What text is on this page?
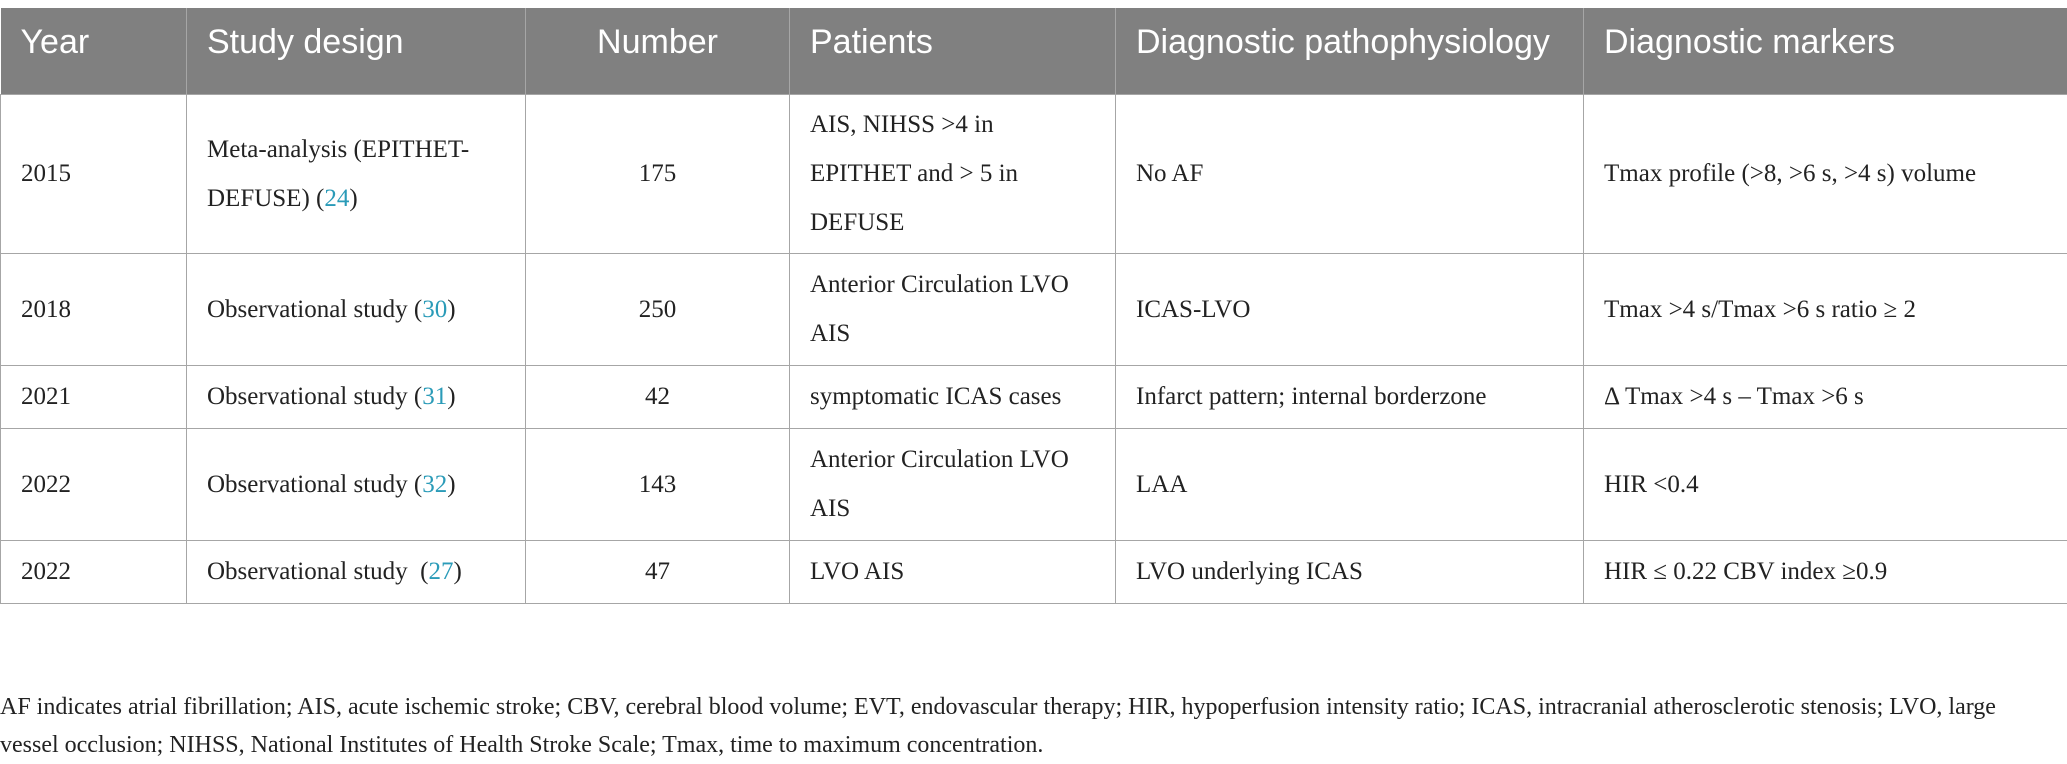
Year	Study design	Number	Patients	Diagnostic pathophysiology	Diagnostic markers
2015	Meta-analysis (EPITHET-DEFUSE) (24)	175	AIS, NIHSS >4 in EPITHET and > 5 in DEFUSE	No AF	Tmax profile (>8, >6 s, >4 s) volume
2018	Observational study (30)	250	Anterior Circulation LVO AIS	ICAS-LVO	Tmax >4 s/Tmax >6 s ratio ≥ 2
2021	Observational study (31)	42	symptomatic ICAS cases	Infarct pattern; internal borderzone	Δ Tmax >4 s – Tmax >6 s
2022	Observational study (32)	143	Anterior Circulation LVO AIS	LAA	HIR <0.4
2022	Observational study  (27)	47	LVO AIS	LVO underlying ICAS	HIR ≤ 0.22 CBV index ≥0.9

AF indicates atrial fibrillation; AIS, acute ischemic stroke; CBV, cerebral blood volume; EVT, endovascular therapy; HIR, hypoperfusion intensity ratio; ICAS, intracranial atherosclerotic stenosis; LVO, large vessel occlusion; NIHSS, National Institutes of Health Stroke Scale; Tmax, time to maximum concentration.
